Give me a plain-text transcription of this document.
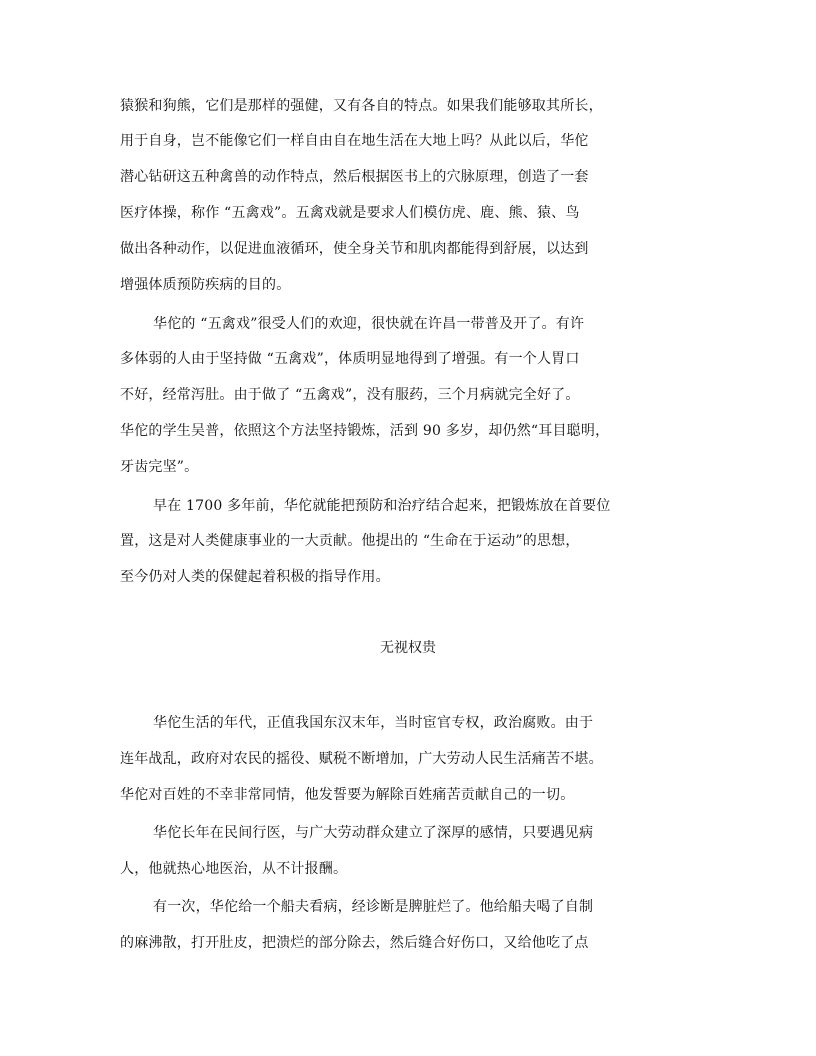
猿猴和狗熊，它们是那样的强健，又有各自的特点。如果我们能够取其所长，
用于自身，岂不能像它们一样自由自在地生活在大地上吗？从此以后，华佗
潜心钻研这五种禽兽的动作特点，然后根据医书上的穴脉原理，创造了一套
医疗体操，称作 “五禽戏”。五禽戏就是要求人们模仿虎、鹿、熊、猿、鸟
做出各种动作，以促进血液循环，使全身关节和肌肉都能得到舒展，以达到
增强体质预防疾病的目的。
华佗的 “五禽戏”很受人们的欢迎，很快就在许昌一带普及开了。有许
多体弱的人由于坚持做 “五禽戏”，体质明显地得到了增强。有一个人胃口
不好，经常泻肚。由于做了 “五禽戏”，没有服药，三个月病就完全好了。
华佗的学生吴普，依照这个方法坚持锻炼，活到 90 多岁，却仍然“耳目聪明，
牙齿完坚”。
早在 1700 多年前，华佗就能把预防和治疗结合起来，把锻炼放在首要位
置，这是对人类健康事业的一大贡献。他提出的 “生命在于运动”的思想，
至今仍对人类的保健起着积极的指导作用。
无视权贵
华佗生活的年代，正值我国东汉末年，当时宦官专权，政治腐败。由于
连年战乱，政府对农民的摇役、赋税不断增加，广大劳动人民生活痛苦不堪。
华佗对百姓的不幸非常同情，他发誓要为解除百姓痛苦贡献自己的一切。
华佗长年在民间行医，与广大劳动群众建立了深厚的感情，只要遇见病
人，他就热心地医治，从不计报酬。
有一次，华佗给一个船夫看病，经诊断是脾脏烂了。他给船夫喝了自制
的麻沸散，打开肚皮，把溃烂的部分除去，然后缝合好伤口，又给他吃了点
